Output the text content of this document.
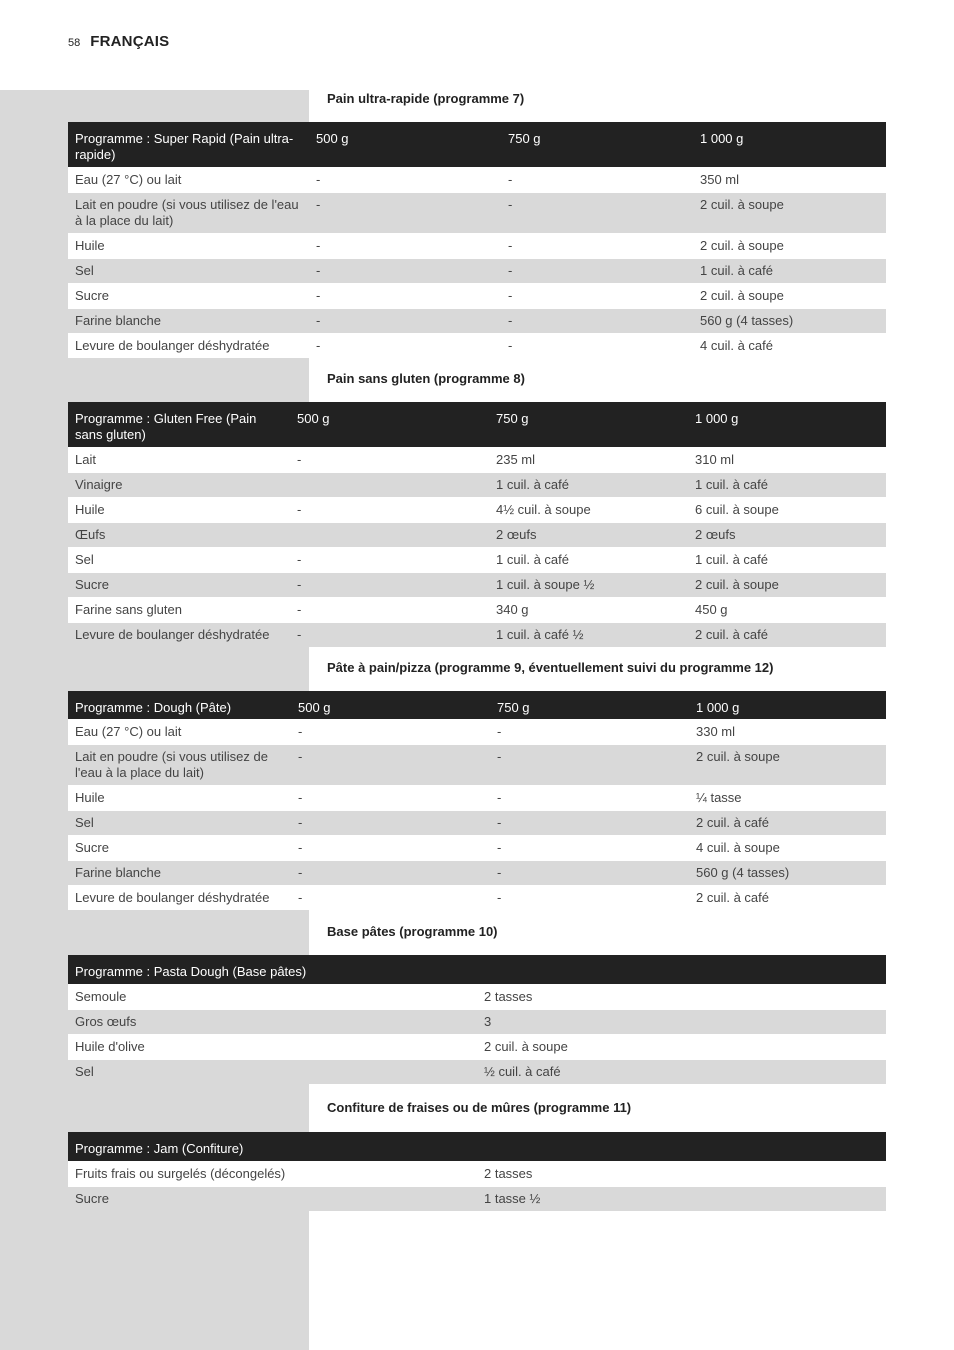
58 FRANÇAIS
Pain ultra-rapide (programme 7)
Programme : Super Rapid (Pain ultra-rapide)	500 g	750 g	1 000 g
Eau (27 °C) ou lait	-	-	350 ml
Lait en poudre (si vous utilisez de l'eau à la place du lait)	-	-	2 cuil. à soupe
Huile	-	-	2 cuil. à soupe
Sel	-	-	1 cuil. à café
Sucre	-	-	2 cuil. à soupe
Farine blanche	-	-	560 g (4 tasses)
Levure de boulanger déshydratée	-	-	4 cuil. à café
Pain sans gluten (programme 8)
Programme : Gluten Free (Pain sans gluten)	500 g	750 g	1 000 g
Lait	-	235 ml	310 ml
Vinaigre		1 cuil. à café	1 cuil. à café
Huile	-	4½ cuil. à soupe	6 cuil. à soupe
Œufs		2 œufs	2 œufs
Sel	-	1 cuil. à café	1 cuil. à café
Sucre	-	1 cuil. à soupe ½	2 cuil. à soupe
Farine sans gluten	-	340 g	450 g
Levure de boulanger déshydratée	-	1 cuil. à café ½	2 cuil. à café
Pâte à pain/pizza (programme 9, éventuellement suivi du programme 12)
Programme : Dough (Pâte)	500 g	750 g	1 000 g
Eau (27 °C) ou lait	-	-	330 ml
Lait en poudre (si vous utilisez de l'eau à la place du lait)	-	-	2 cuil. à soupe
Huile	-	-	¼ tasse
Sel	-	-	2 cuil. à café
Sucre	-	-	4 cuil. à soupe
Farine blanche	-	-	560 g (4 tasses)
Levure de boulanger déshydratée	-	-	2 cuil. à café
Base pâtes (programme 10)
Programme : Pasta Dough (Base pâtes)	
Semoule	2 tasses
Gros œufs	3
Huile d'olive	2 cuil. à soupe
Sel	½ cuil. à café
Confiture de fraises ou de mûres (programme 11)
Programme : Jam (Confiture)	
Fruits frais ou surgelés (décongelés)	2 tasses
Sucre	1 tasse ½
